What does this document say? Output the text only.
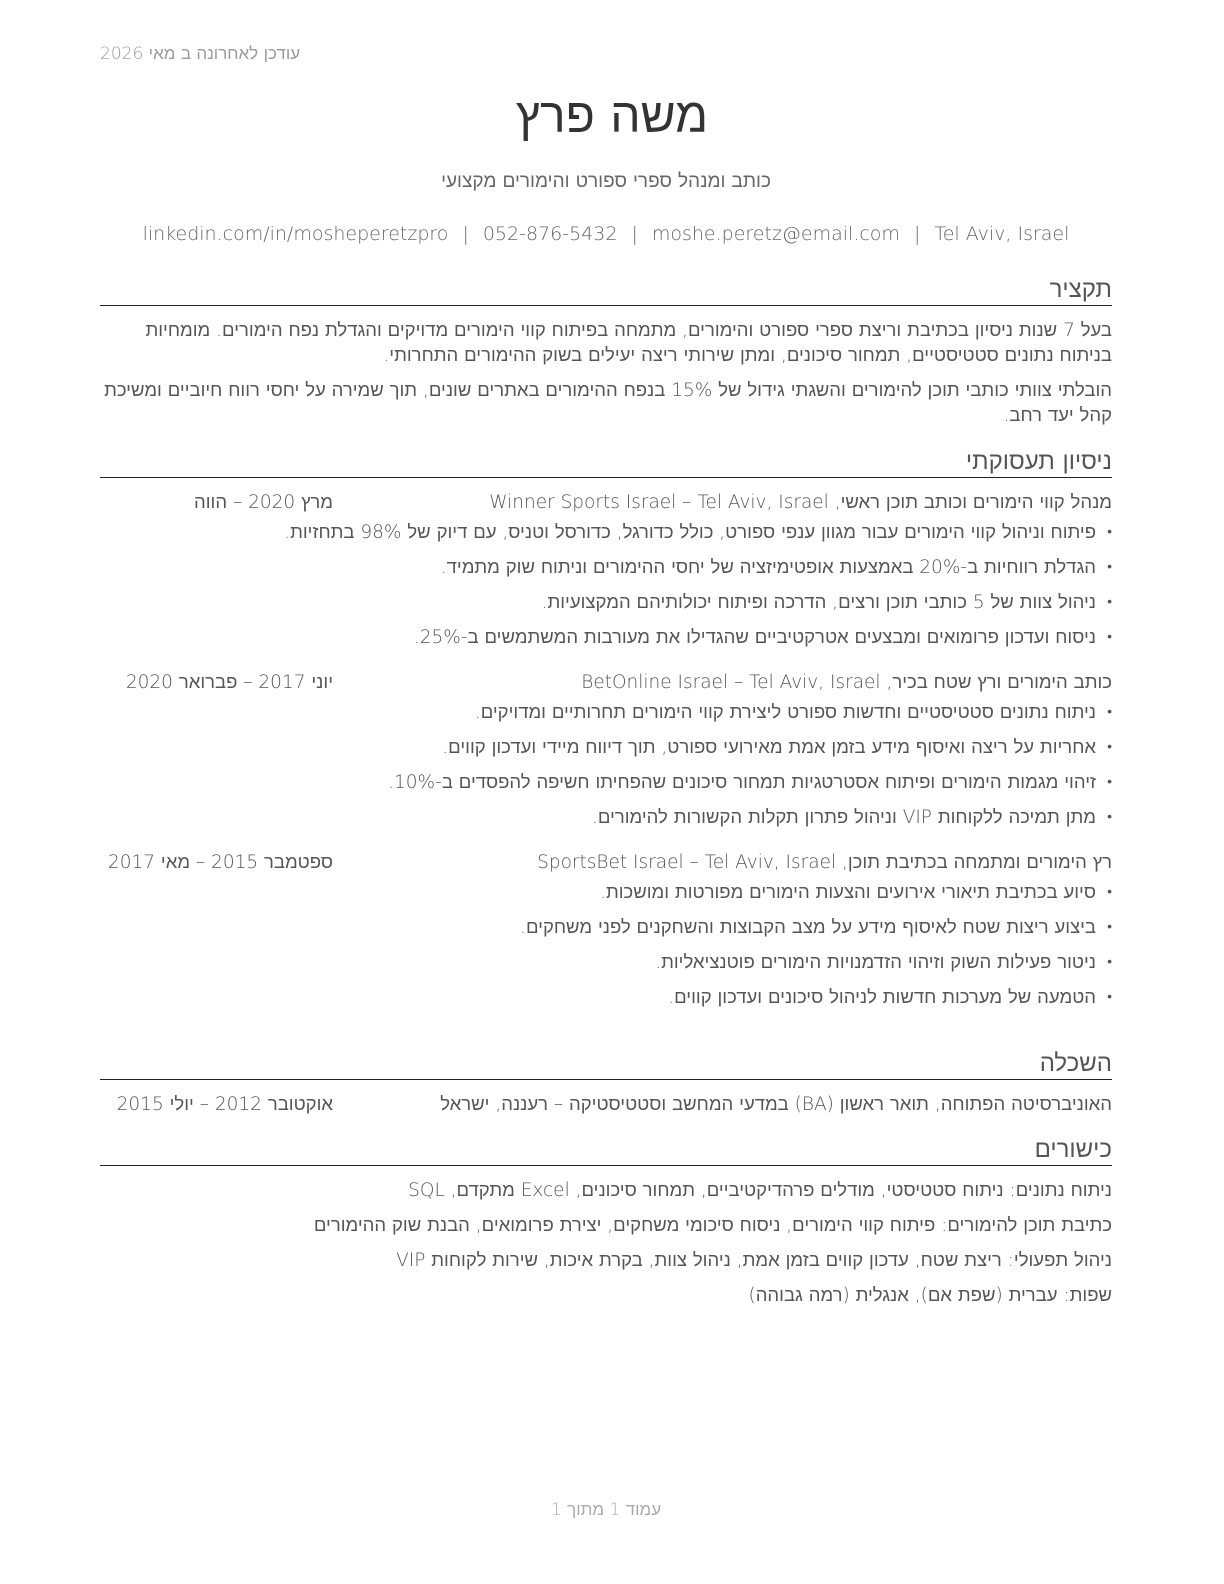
עודכן לאחרונה ב מאי 2026
משה פרץ
כותב ומנהל ספרי ספורט והימורים מקצועי
linkedin.com/in/mosheperetzpro | 052-876-5432 | moshe.peretz@email.com | Tel Aviv, Israel
תקציר
בעל 7 שנות ניסיון בכתיבת וריצת ספרי ספורט והימורים, מתמחה בפיתוח קווי הימורים מדויקים והגדלת נפח הימורים. מומחיות בניתוח נתונים סטטיסטיים, תמחור סיכונים, ומתן שירותי ריצה יעילים בשוק ההימורים התחרותי.
הובלתי צוותי כותבי תוכן להימורים והשגתי גידול של 15% בנפח ההימורים באתרים שונים, תוך שמירה על יחסי רווח חיוביים ומשיכת קהל יעד רחב.
ניסיון תעסוקתי
מנהל קווי הימורים וכותב תוכן ראשי, Winner Sports Israel – Tel Aviv, Israel
מרץ 2020 – הווה
• פיתוח וניהול קווי הימורים עבור מגוון ענפי ספורט, כולל כדורגל, כדורסל וטניס, עם דיוק של 98% בתחזיות.
• הגדלת רווחיות ב-20% באמצעות אופטימיזציה של יחסי ההימורים וניתוח שוק מתמיד.
• ניהול צוות של 5 כותבי תוכן ורצים, הדרכה ופיתוח יכולותיהם המקצועיות.
• ניסוח ועדכון פרומואים ומבצעים אטרקטיביים שהגדילו את מעורבות המשתמשים ב-25%.
כותב הימורים ורץ שטח בכיר, BetOnline Israel – Tel Aviv, Israel
יוני 2017 – פברואר 2020
• ניתוח נתונים סטטיסטיים וחדשות ספורט ליצירת קווי הימורים תחרותיים ומדויקים.
• אחריות על ריצה ואיסוף מידע בזמן אמת מאירועי ספורט, תוך דיווח מיידי ועדכון קווים.
• זיהוי מגמות הימורים ופיתוח אסטרטגיות תמחור סיכונים שהפחיתו חשיפה להפסדים ב-10%.
• מתן תמיכה ללקוחות VIP וניהול פתרון תקלות הקשורות להימורים.
רץ הימורים ומתמחה בכתיבת תוכן, SportsBet Israel – Tel Aviv, Israel
ספטמבר 2015 – מאי 2017
• סיוע בכתיבת תיאורי אירועים והצעות הימורים מפורטות ומושכות.
• ביצוע ריצות שטח לאיסוף מידע על מצב הקבוצות והשחקנים לפני משחקים.
• ניטור פעילות השוק וזיהוי הזדמנויות הימורים פוטנציאליות.
• הטמעה של מערכות חדשות לניהול סיכונים ועדכון קווים.
השכלה
האוניברסיטה הפתוחה, תואר ראשון (BA) במדעי המחשב וסטטיסטיקה – רעננה, ישראל
אוקטובר 2012 – יולי 2015
כישורים
ניתוח נתונים: ניתוח סטטיסטי, מודלים פרהדיקטיביים, תמחור סיכונים, Excel מתקדם, SQL
כתיבת תוכן להימורים: פיתוח קווי הימורים, ניסוח סיכומי משחקים, יצירת פרומואים, הבנת שוק ההימורים
ניהול תפעולי: ריצת שטח, עדכון קווים בזמן אמת, ניהול צוות, בקרת איכות, שירות לקוחות VIP
שפות: עברית (שפת אם), אנגלית (רמה גבוהה)
עמוד 1 מתוך 1
